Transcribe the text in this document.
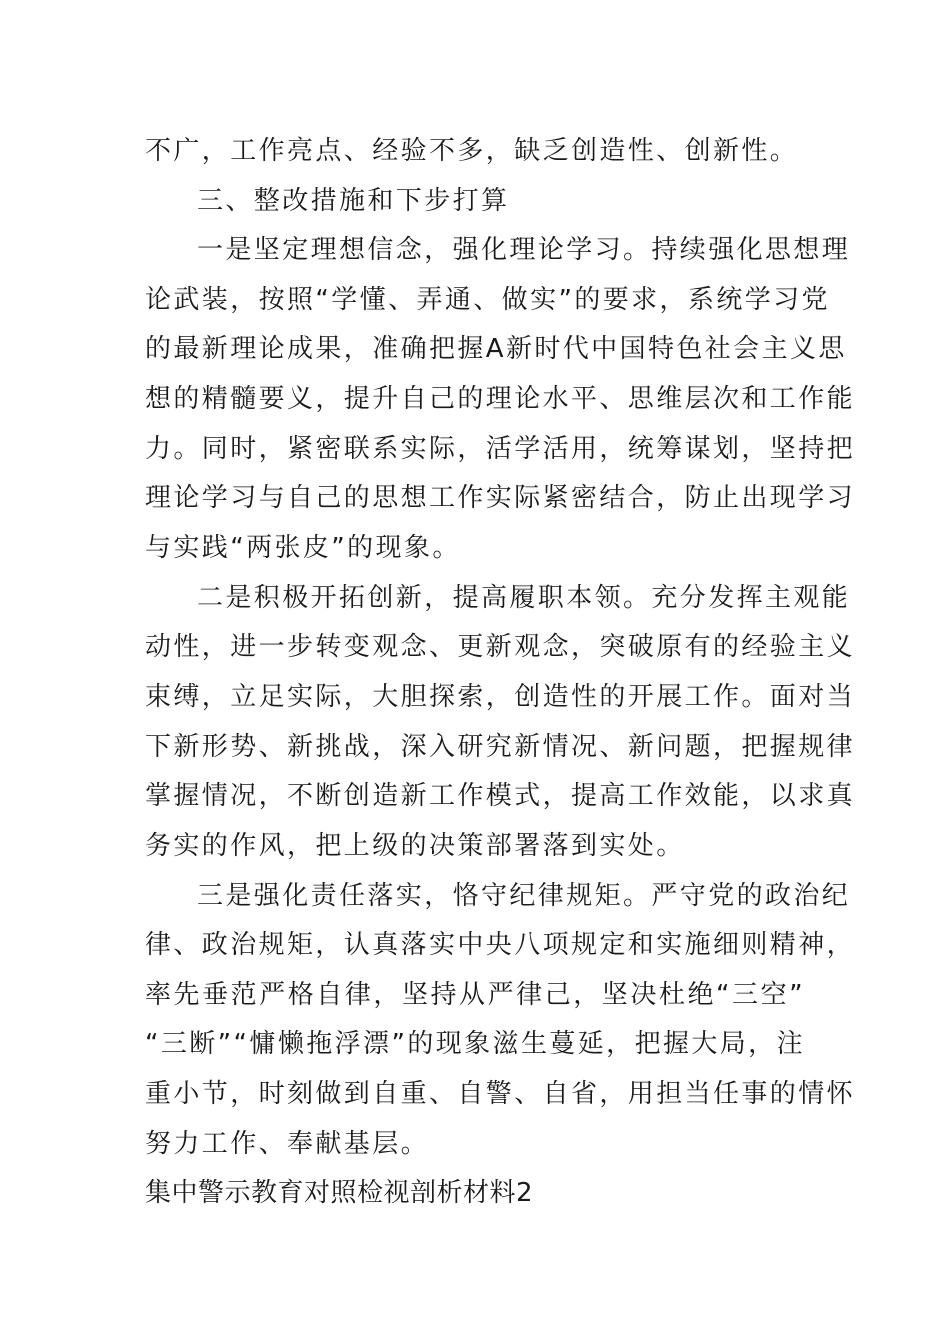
不广，工作亮点、经验不多，缺乏创造性、创新性。

三、整改措施和下步打算

一是坚定理想信念，强化理论学习。持续强化思想理

论武装，按照“学懂、弄通、做实”的要求，系统学习党

的最新理论成果，准确把握A新时代中国特色社会主义思

想的精髓要义，提升自己的理论水平、思维层次和工作能

力。同时，紧密联系实际，活学活用，统筹谋划，坚持把

理论学习与自己的思想工作实际紧密结合，防止出现学习

与实践“两张皮”的现象。

二是积极开拓创新，提高履职本领。充分发挥主观能

动性，进一步转变观念、更新观念，突破原有的经验主义

束缚，立足实际，大胆探索，创造性的开展工作。面对当

下新形势、新挑战，深入研究新情况、新问题，把握规律

掌握情况，不断创造新工作模式，提高工作效能，以求真

务实的作风，把上级的决策部署落到实处。

三是强化责任落实，恪守纪律规矩。严守党的政治纪

律、政治规矩，认真落实中央八项规定和实施细则精神，

率先垂范严格自律，坚持从严律己，坚决杜绝“三空”

“三断”“慵懒拖浮漂”的现象滋生蔓延，把握大局，注

重小节，时刻做到自重、自警、自省，用担当任事的情怀

努力工作、奉献基层。

集中警示教育对照检视剖析材料2
